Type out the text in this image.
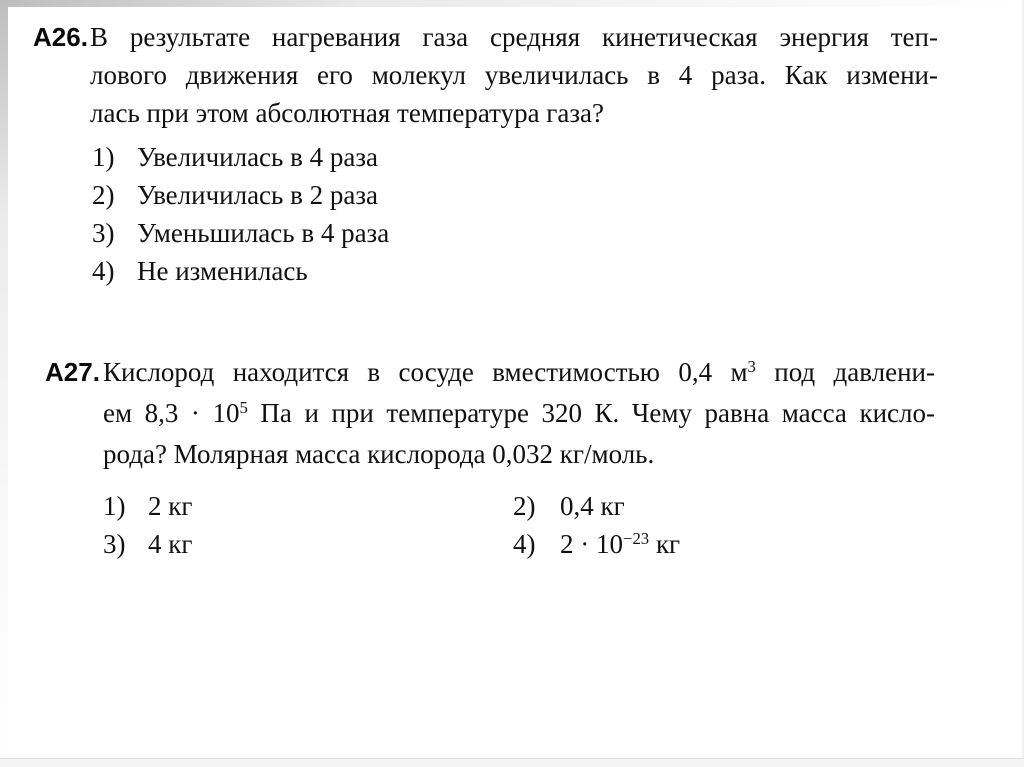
А26. В результате нагревания газа средняя кинетическая энергия теп-
лового движения его молекул увеличилась в 4 раза. Как измени-
лась при этом абсолютная температура газа?
1) Увеличилась в 4 раза
2) Увеличилась в 2 раза
3) Уменьшилась в 4 раза
4) Не изменилась
А27. Кислород находится в сосуде вместимостью 0,4 $м^3$ под давлени-
ем $8,3 \cdot 10^5$ Па и при температуре 320 К. Чему равна масса кисло-
рода? Молярная масса кислорода 0,032 кг/моль.
1) 2 кг	2) 0,4 кг
3) 4 кг	4) $2 \cdot 10^{-23}$ кг
